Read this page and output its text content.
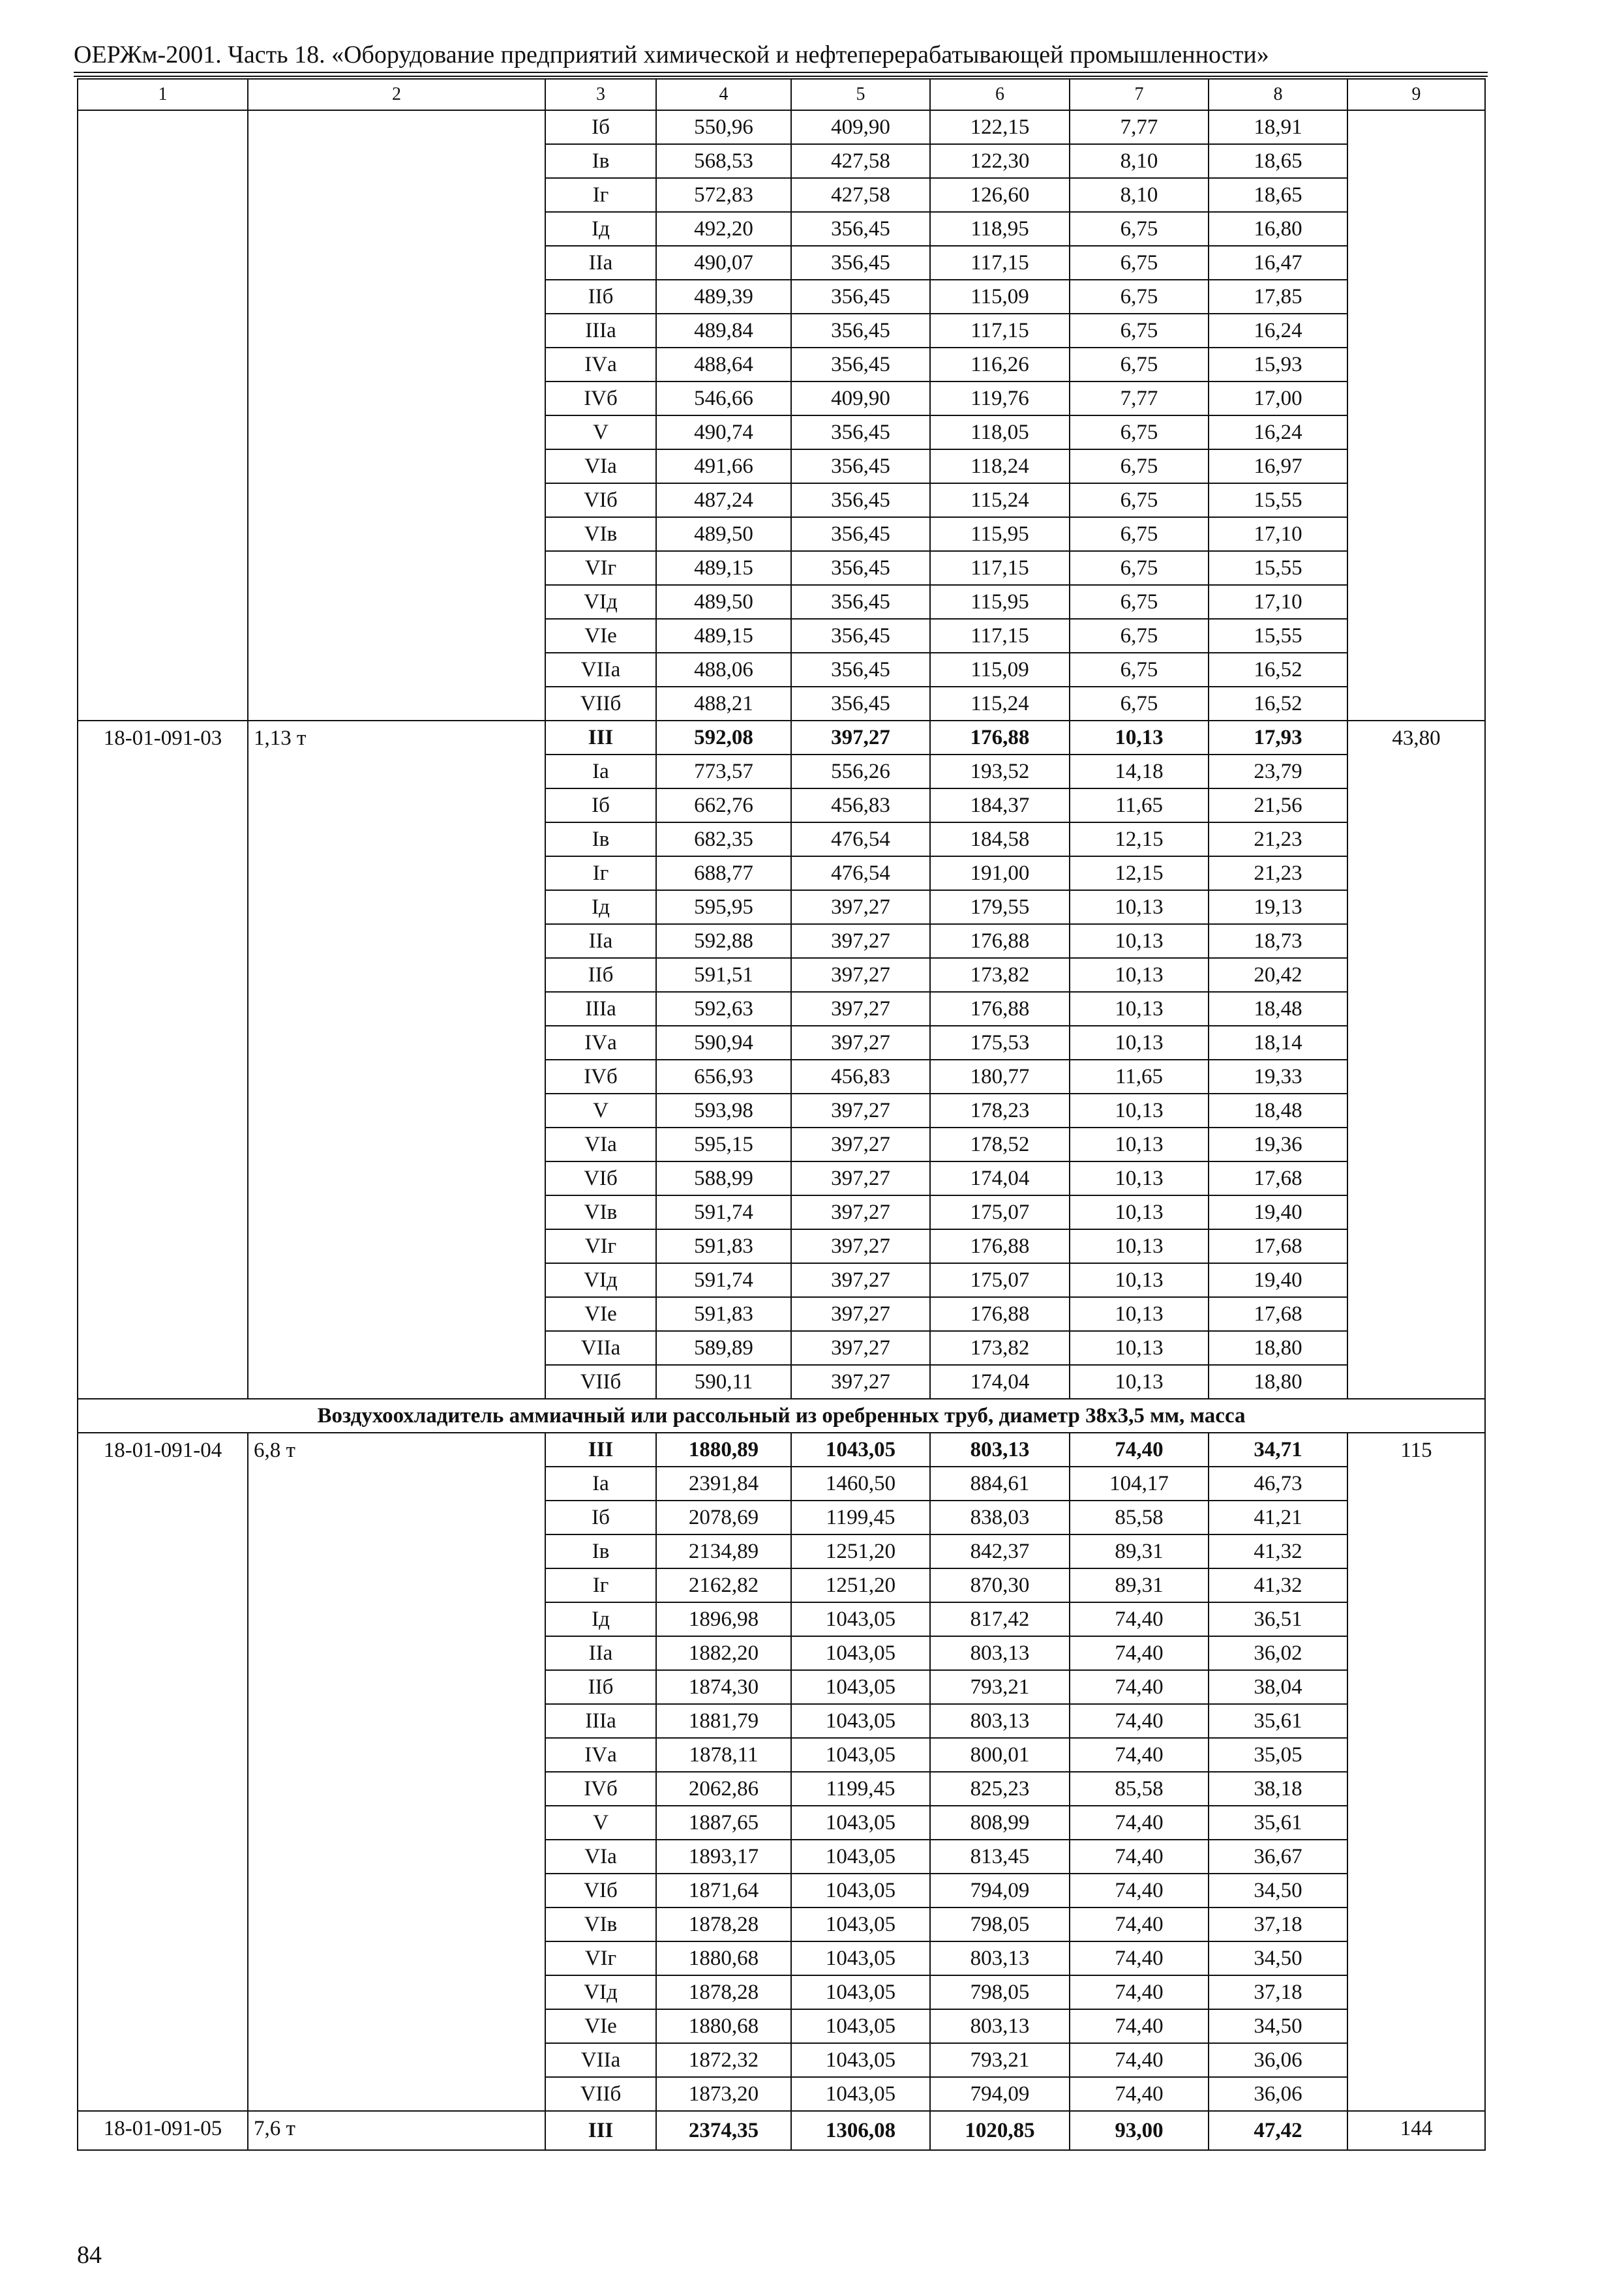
ОЕРЖм-2001. Часть 18. «Оборудование предприятий химической и нефтеперерабатывающей промышленности»
1	2	3	4	5	6	7	8	9
		Iб	550,96	409,90	122,15	7,77	18,91	
		Iв	568,53	427,58	122,30	8,10	18,65	
		Iг	572,83	427,58	126,60	8,10	18,65	
		Iд	492,20	356,45	118,95	6,75	16,80	
		IIа	490,07	356,45	117,15	6,75	16,47	
		IIб	489,39	356,45	115,09	6,75	17,85	
		IIIа	489,84	356,45	117,15	6,75	16,24	
		IVа	488,64	356,45	116,26	6,75	15,93	
		IVб	546,66	409,90	119,76	7,77	17,00	
		V	490,74	356,45	118,05	6,75	16,24	
		VIа	491,66	356,45	118,24	6,75	16,97	
		VIб	487,24	356,45	115,24	6,75	15,55	
		VIв	489,50	356,45	115,95	6,75	17,10	
		VIг	489,15	356,45	117,15	6,75	15,55	
		VIд	489,50	356,45	115,95	6,75	17,10	
		VIе	489,15	356,45	117,15	6,75	15,55	
		VIIа	488,06	356,45	115,09	6,75	16,52	
		VIIб	488,21	356,45	115,24	6,75	16,52	
18-01-091-03	1,13 т	III	592,08	397,27	176,88	10,13	17,93	43,80
		Iа	773,57	556,26	193,52	14,18	23,79	
		Iб	662,76	456,83	184,37	11,65	21,56	
		Iв	682,35	476,54	184,58	12,15	21,23	
		Iг	688,77	476,54	191,00	12,15	21,23	
		Iд	595,95	397,27	179,55	10,13	19,13	
		IIа	592,88	397,27	176,88	10,13	18,73	
		IIб	591,51	397,27	173,82	10,13	20,42	
		IIIа	592,63	397,27	176,88	10,13	18,48	
		IVа	590,94	397,27	175,53	10,13	18,14	
		IVб	656,93	456,83	180,77	11,65	19,33	
		V	593,98	397,27	178,23	10,13	18,48	
		VIа	595,15	397,27	178,52	10,13	19,36	
		VIб	588,99	397,27	174,04	10,13	17,68	
		VIв	591,74	397,27	175,07	10,13	19,40	
		VIг	591,83	397,27	176,88	10,13	17,68	
		VIд	591,74	397,27	175,07	10,13	19,40	
		VIе	591,83	397,27	176,88	10,13	17,68	
		VIIа	589,89	397,27	173,82	10,13	18,80	
		VIIб	590,11	397,27	174,04	10,13	18,80	
Воздухоохладитель аммиачный или рассольный из оребренных труб, диаметр 38х3,5 мм, масса								
18-01-091-04	6,8 т	III	1880,89	1043,05	803,13	74,40	34,71	115
		Iа	2391,84	1460,50	884,61	104,17	46,73	
		Iб	2078,69	1199,45	838,03	85,58	41,21	
		Iв	2134,89	1251,20	842,37	89,31	41,32	
		Iг	2162,82	1251,20	870,30	89,31	41,32	
		Iд	1896,98	1043,05	817,42	74,40	36,51	
		IIа	1882,20	1043,05	803,13	74,40	36,02	
		IIб	1874,30	1043,05	793,21	74,40	38,04	
		IIIа	1881,79	1043,05	803,13	74,40	35,61	
		IVа	1878,11	1043,05	800,01	74,40	35,05	
		IVб	2062,86	1199,45	825,23	85,58	38,18	
		V	1887,65	1043,05	808,99	74,40	35,61	
		VIа	1893,17	1043,05	813,45	74,40	36,67	
		VIб	1871,64	1043,05	794,09	74,40	34,50	
		VIв	1878,28	1043,05	798,05	74,40	37,18	
		VIг	1880,68	1043,05	803,13	74,40	34,50	
		VIд	1878,28	1043,05	798,05	74,40	37,18	
		VIе	1880,68	1043,05	803,13	74,40	34,50	
		VIIа	1872,32	1043,05	793,21	74,40	36,06	
		VIIб	1873,20	1043,05	794,09	74,40	36,06	
18-01-091-05	7,6 т	III	2374,35	1306,08	1020,85	93,00	47,42	144
84
